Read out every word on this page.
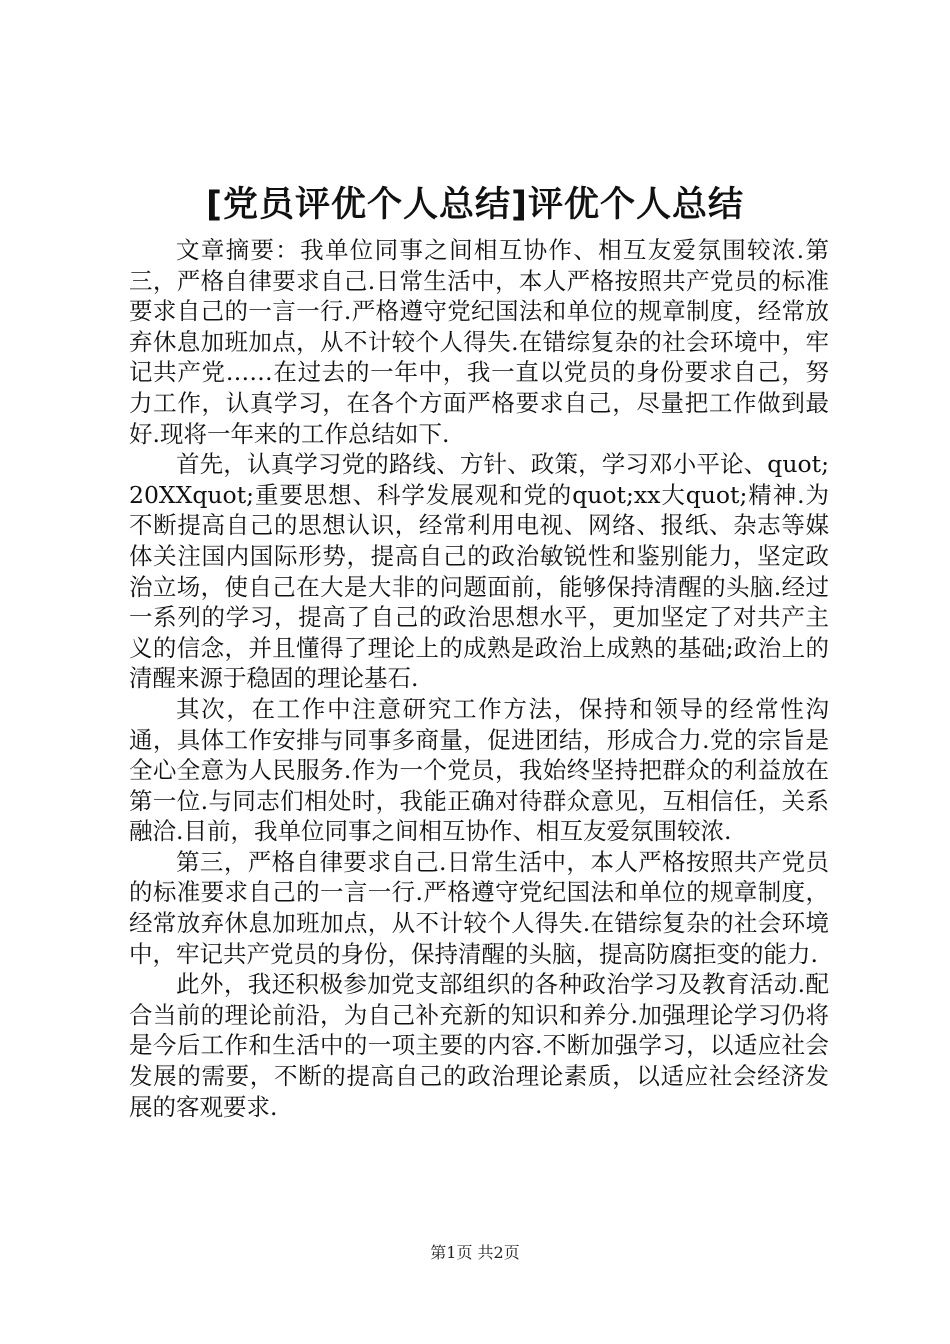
[党员评优个人总结]评优个人总结

文章摘要：我单位同事之间相互协作、相互友爱氛围较浓.第三，严格自律要求自己.日常生活中，本人严格按照共产党员的标准要求自己的一言一行.严格遵守党纪国法和单位的规章制度，经常放弃休息加班加点，从不计较个人得失.在错综复杂的社会环境中，牢记共产党……在过去的一年中，我一直以党员的身份要求自己，努力工作，认真学习，在各个方面严格要求自己，尽量把工作做到最好.现将一年来的工作总结如下.

首先，认真学习党的路线、方针、政策，学习邓小平论、quot;20XXquot;重要思想、科学发展观和党的quot;xx大quot;精神.为不断提高自己的思想认识，经常利用电视、网络、报纸、杂志等媒体关注国内国际形势，提高自己的政治敏锐性和鉴别能力，坚定政治立场，使自己在大是大非的问题面前，能够保持清醒的头脑.经过一系列的学习，提高了自己的政治思想水平，更加坚定了对共产主义的信念，并且懂得了理论上的成熟是政治上成熟的基础;政治上的清醒来源于稳固的理论基石.

其次，在工作中注意研究工作方法，保持和领导的经常性沟通，具体工作安排与同事多商量，促进团结，形成合力.党的宗旨是全心全意为人民服务.作为一个党员，我始终坚持把群众的利益放在第一位.与同志们相处时，我能正确对待群众意见，互相信任，关系融洽.目前，我单位同事之间相互协作、相互友爱氛围较浓.

第三，严格自律要求自己.日常生活中，本人严格按照共产党员的标准要求自己的一言一行.严格遵守党纪国法和单位的规章制度，经常放弃休息加班加点，从不计较个人得失.在错综复杂的社会环境中，牢记共产党员的身份，保持清醒的头脑，提高防腐拒变的能力.

此外，我还积极参加党支部组织的各种政治学习及教育活动.配合当前的理论前沿，为自己补充新的知识和养分.加强理论学习仍将是今后工作和生活中的一项主要的内容.不断加强学习，以适应社会发展的需要，不断的提高自己的政治理论素质，以适应社会经济发展的客观要求.

第1页 共2页
